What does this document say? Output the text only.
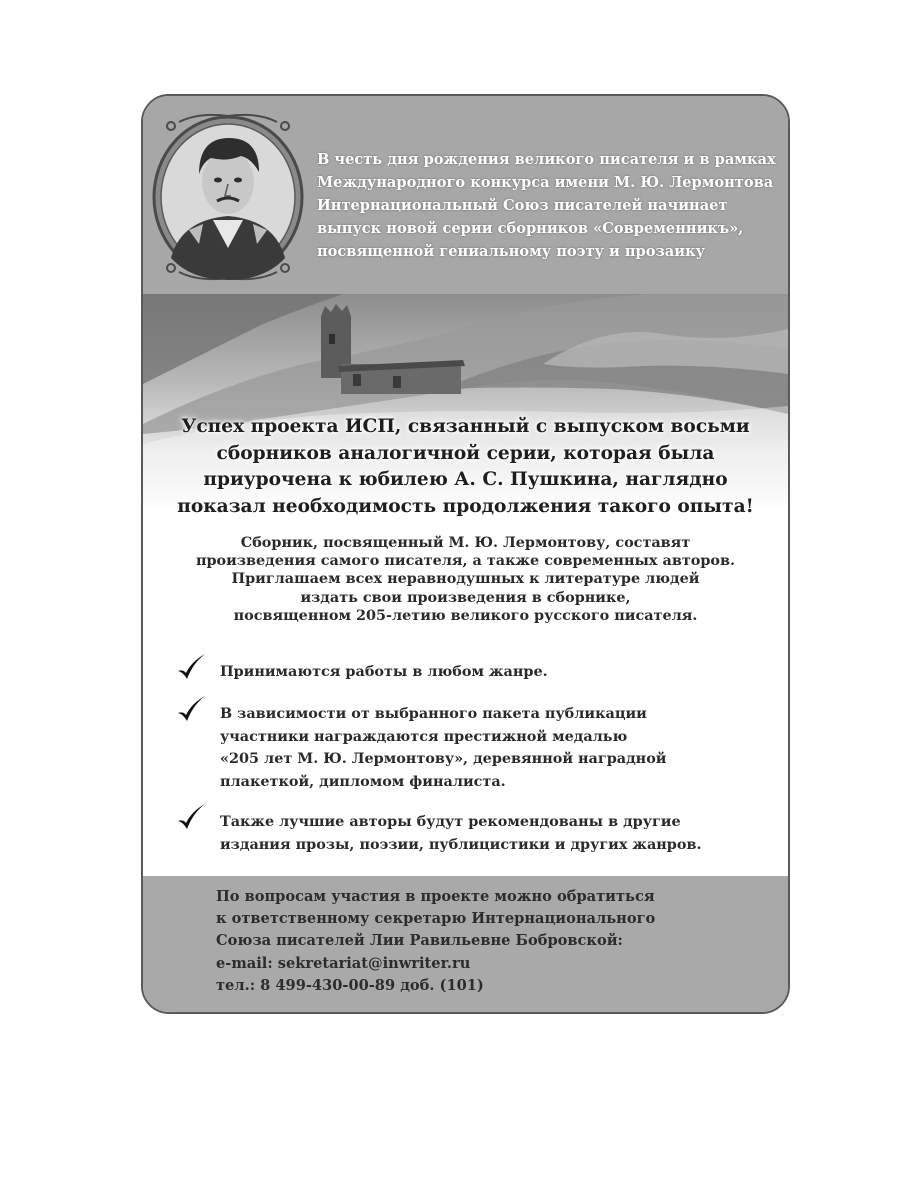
В честь дня рождения великого писателя и в рамках
Международного конкурса имени М. Ю. Лермонтова
Интернациональный Союз писателей начинает
выпуск новой серии сборников «Современникъ»,
посвященной гениальному поэту и прозаику
Успех проекта ИСП, связанный с выпуском восьми
сборников аналогичной серии, которая была
приурочена к юбилею А. С. Пушкина, наглядно
показал необходимость продолжения такого опыта!
Сборник, посвященный М. Ю. Лермонтову, составят
произведения самого писателя, а также современных авторов.
Приглашаем всех неравнодушных к литературе людей
издать свои произведения в сборнике,
посвященном 205-летию великого русского писателя.
Принимаются работы в любом жанре.
В зависимости от выбранного пакета публикации
участники награждаются престижной медалью
«205 лет М. Ю. Лермонтову», деревянной наградной
плакеткой, дипломом финалиста.
Также лучшие авторы будут рекомендованы в другие
издания прозы, поэзии, публицистики и других жанров.
По вопросам участия в проекте можно обратиться
к ответственному секретарю Интернационального
Союза писателей Лии Равильевне Бобровской:
e-mail: sekretariat@inwriter.ru
тел.: 8 499-430-00-89 доб. (101)
